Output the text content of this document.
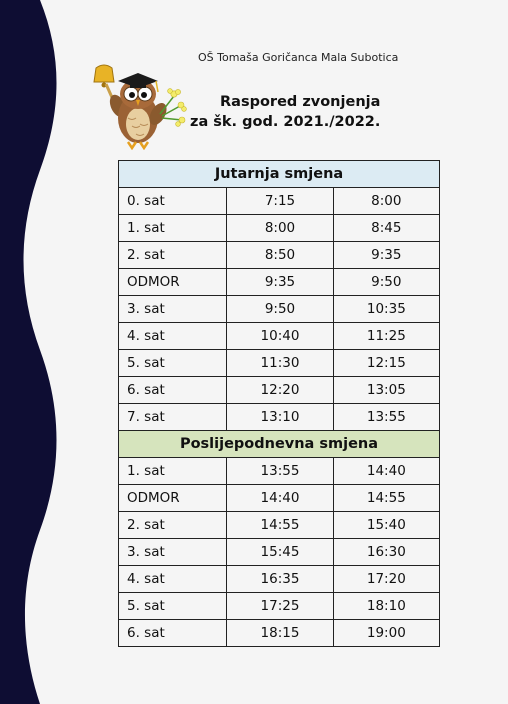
OŠ Tomaša Goričanca Mala Subotica
Raspored zvonjenja
za šk. god. 2021./2022.
Jutarnja smjena		
0. sat	7:15	8:00
1. sat	8:00	8:45
2. sat	8:50	9:35
ODMOR	9:35	9:50
3. sat	9:50	10:35
4. sat	10:40	11:25
5. sat	11:30	12:15
6. sat	12:20	13:05
7. sat	13:10	13:55
Poslijepodnevna smjena		
1. sat	13:55	14:40
ODMOR	14:40	14:55
2. sat	14:55	15:40
3. sat	15:45	16:30
4. sat	16:35	17:20
5. sat	17:25	18:10
6. sat	18:15	19:00
